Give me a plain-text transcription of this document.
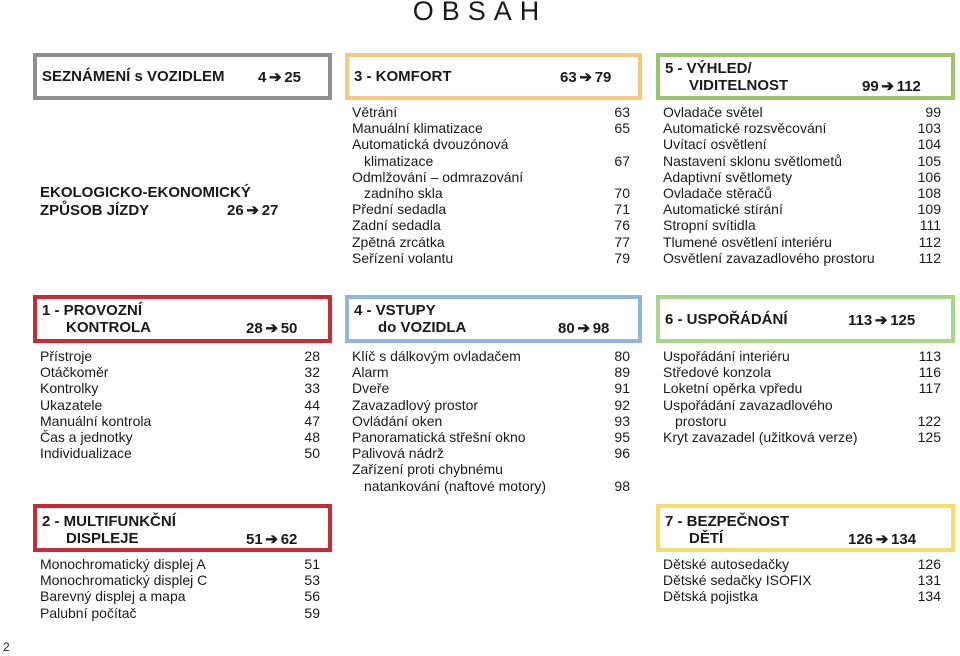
OBSAH
SEZNÁMENÍ s VOZIDLEM 4 ➔ 25
EKOLOGICKO-EKONOMICKÝ
ZPŮSOB JÍZDY	26 ➔ 27
3 - KOMFORT	63 ➔ 79
Větrání	63
Manuální klimatizace	65
Automatická dvouzónová
klimatizace	67
Odmlžování – odmrazování
zadního skla	70
Přední sedadla	71
Zadní sedadla	76
Zpětná zrcátka	77
Seřízení volantu	79
5 - VÝHLED/
VIDITELNOST	99 ➔ 112
Ovladače světel	99
Automatické rozsvěcování	103
Uvítací osvětlení	104
Nastavení sklonu světlometů	105
Adaptivní světlomety	106
Ovladače stěračů	108
Automatické stírání	109
Stropní svítidla	111
Tlumené osvětlení interiéru	112
Osvětlení zavazadlového prostoru	112
1 - PROVOZNÍ
KONTROLA	28 ➔ 50
Přístroje	28
Otáčkoměr	32
Kontrolky	33
Ukazatele	44
Manuální kontrola	47
Čas a jednotky	48
Individualizace	50
4 - VSTUPY
do VOZIDLA	80 ➔ 98
Klíč s dálkovým ovladačem	80
Alarm	89
Dveře	91
Zavazadlový prostor	92
Ovládání oken	93
Panoramatická střešní okno	95
Palivová nádrž	96
Zařízení proti chybnému
natankování (naftové motory)	98
6 - USPOŘÁDÁNÍ	113 ➔ 125
Uspořádání interiéru	113
Středové konzola	116
Loketní opěrka vpředu	117
Uspořádání zavazadlového
prostoru	122
Kryt zavazadel (užitková verze)	125
2 - MULTIFUNKČNÍ
DISPLEJE	51 ➔ 62
Monochromatický displej A	51
Monochromatický displej C	53
Barevný displej a mapa	56
Palubní počítač	59
7 - BEZPEČNOST
DĚTÍ	126 ➔ 134
Dětské autosedačky	126
Dětské sedačky ISOFIX	131
Dětská pojistka	134
2
